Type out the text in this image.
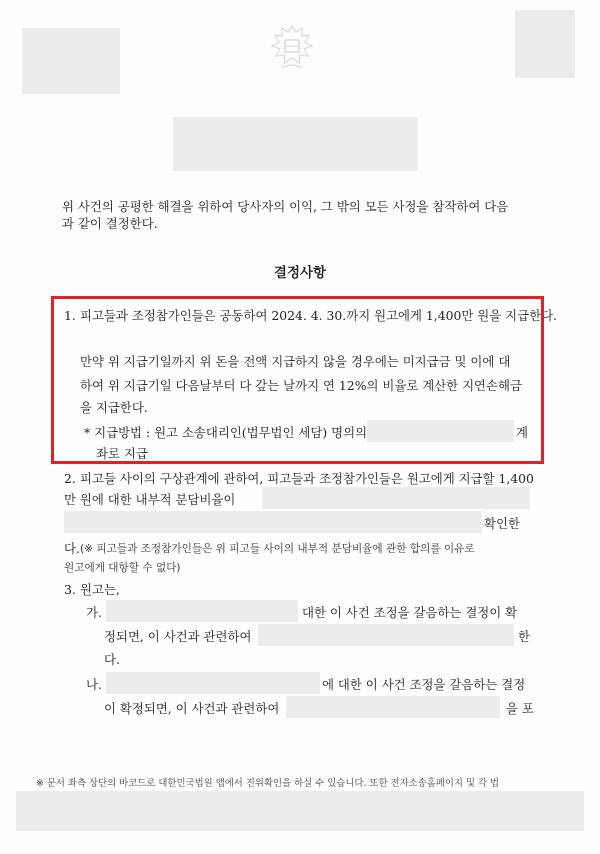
위 사건의 공평한 해결을 위하여 당사자의 이익, 그 밖의 모든 사정을 참작하여 다음
과 같이 결정한다.
결정사항
1. 피고들과 조정참가인들은 공동하여 2024. 4. 30.까지 원고에게 1,400만 원을 지급한다.
만약 위 지급기일까지 위 돈을 전액 지급하지 않을 경우에는 미지급금 및 이에 대
하여 위 지급기일 다음날부터 다 갚는 날까지 연 12%의 비율로 계산한 지연손해금
을 지급한다.
* 지급방법 : 원고 소송대리인(법무법인 세담) 명의의	계
좌로 지급
2. 피고들 사이의 구상관계에 관하여, 피고들과 조정참가인들은 원고에게 지급할 1,400
만 원에 대한 내부적 분담비율이
확인한
다. (※ 피고들과 조정참가인들은 위 피고들 사이의 내부적 분담비율에 관한 합의를 이유로
원고에게 대항할 수 없다)
3. 원고는,
가.	대한 이 사건 조정을 갈음하는 결정이 확
정되면, 이 사건과 관련하여	한
다.
나.	에 대한 이 사건 조정을 갈음하는 결정
이 확정되면, 이 사건과 관련하여	을 포
※ 문서 좌측 상단의 바코드로 대한민국법원 앱에서 진위확인을 하실 수 있습니다. 또한 전자소송홈페이지 및 각 법
